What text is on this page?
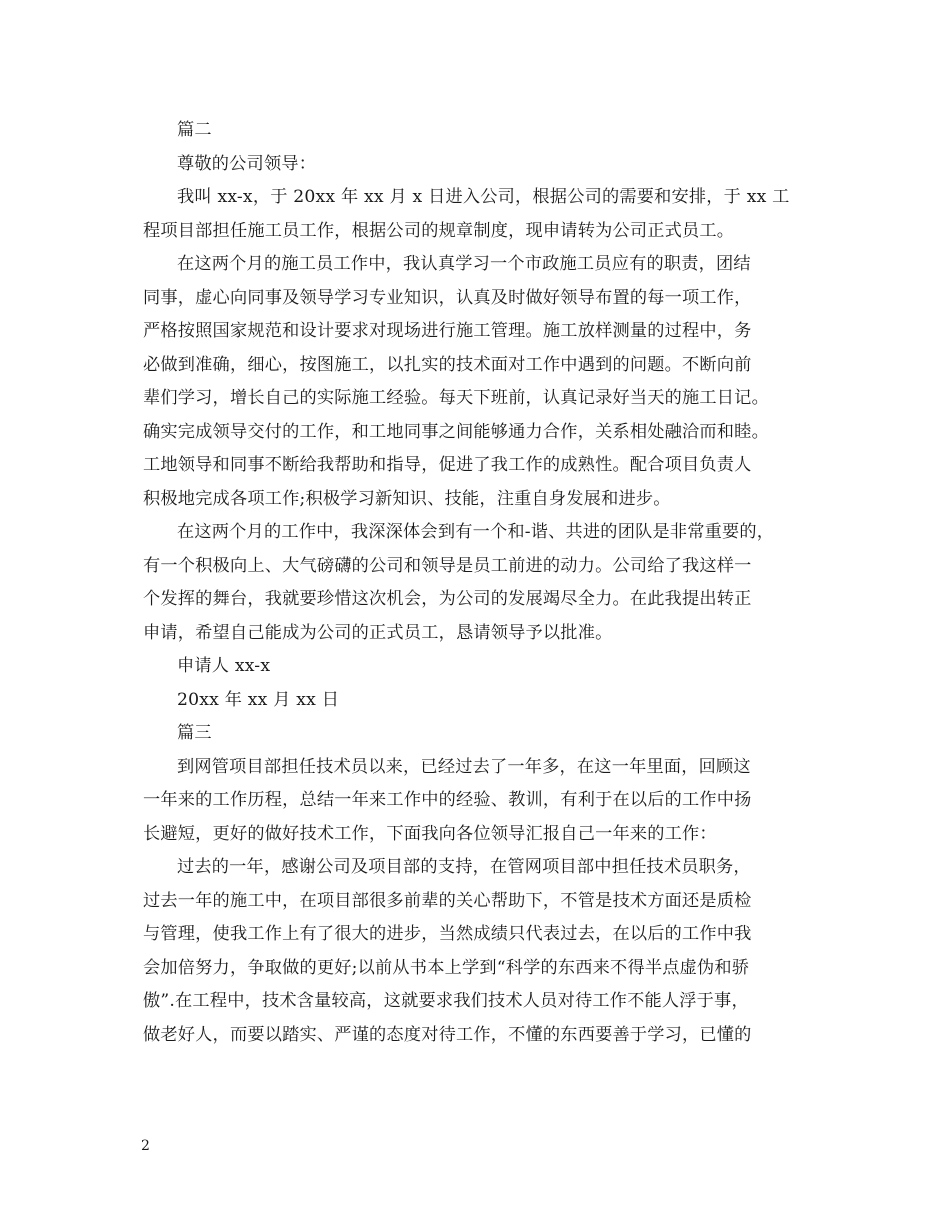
篇二
尊敬的公司领导：
我叫 xx-x，于 20xx 年 xx 月 x 日进入公司，根据公司的需要和安排，于 xx 工
程项目部担任施工员工作，根据公司的规章制度，现申请转为公司正式员工。
在这两个月的施工员工作中，我认真学习一个市政施工员应有的职责，团结
同事，虚心向同事及领导学习专业知识，认真及时做好领导布置的每一项工作，
严格按照国家规范和设计要求对现场进行施工管理。施工放样测量的过程中，务
必做到准确，细心，按图施工，以扎实的技术面对工作中遇到的问题。不断向前
辈们学习，增长自己的实际施工经验。每天下班前，认真记录好当天的施工日记。
确实完成领导交付的工作，和工地同事之间能够通力合作，关系相处融洽而和睦。
工地领导和同事不断给我帮助和指导，促进了我工作的成熟性。配合项目负责人
积极地完成各项工作;积极学习新知识、技能，注重自身发展和进步。
在这两个月的工作中，我深深体会到有一个和-谐、共进的团队是非常重要的，
有一个积极向上、大气磅礴的公司和领导是员工前进的动力。公司给了我这样一
个发挥的舞台，我就要珍惜这次机会，为公司的发展竭尽全力。在此我提出转正
申请，希望自己能成为公司的正式员工，恳请领导予以批准。
申请人 xx-x
20xx 年 xx 月 xx 日
篇三
到网管项目部担任技术员以来，已经过去了一年多，在这一年里面，回顾这
一年来的工作历程，总结一年来工作中的经验、教训，有利于在以后的工作中扬
长避短，更好的做好技术工作，下面我向各位领导汇报自己一年来的工作：
过去的一年，感谢公司及项目部的支持，在管网项目部中担任技术员职务，
过去一年的施工中，在项目部很多前辈的关心帮助下，不管是技术方面还是质检
与管理，使我工作上有了很大的进步，当然成绩只代表过去，在以后的工作中我
会加倍努力，争取做的更好;以前从书本上学到“科学的东西来不得半点虚伪和骄
傲”.在工程中，技术含量较高，这就要求我们技术人员对待工作不能人浮于事，
做老好人，而要以踏实、严谨的态度对待工作，不懂的东西要善于学习，已懂的
2
